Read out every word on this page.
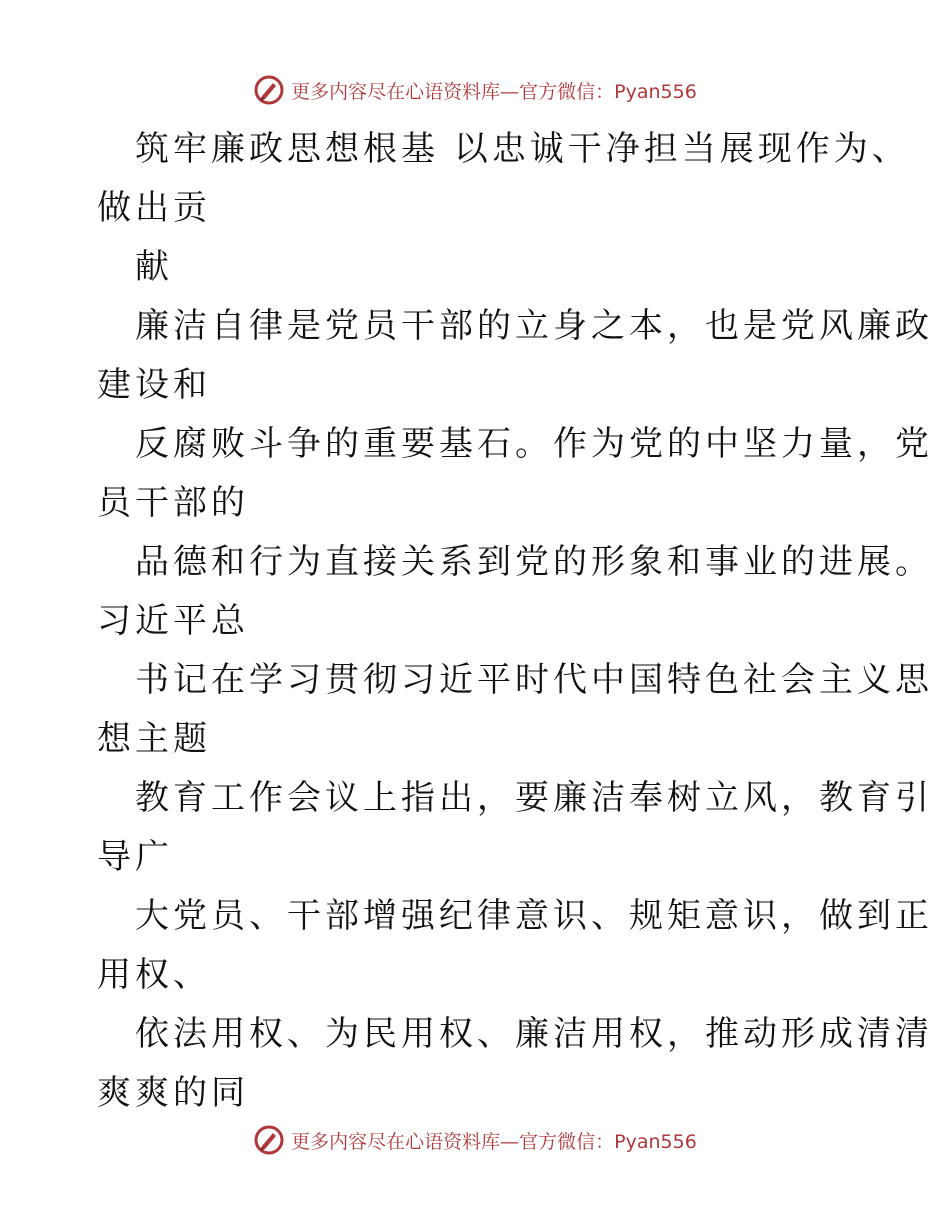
更多内容尽在心语资料库—官方微信：Pyan556
筑牢廉政思想根基 以忠诚干净担当展现作为、
做出贡
献
廉洁自律是党员干部的立身之本，也是党风廉政
建设和
反腐败斗争的重要基石。作为党的中坚力量，党
员干部的
品德和行为直接关系到党的形象和事业的进展。
习近平总
书记在学习贯彻习近平时代中国特色社会主义思
想主题
教育工作会议上指出，要廉洁奉树立风，教育引
导广
大党员、干部增强纪律意识、规矩意识，做到正
用权、
依法用权、为民用权、廉洁用权，推动形成清清
爽爽的同
更多内容尽在心语资料库—官方微信：Pyan556
